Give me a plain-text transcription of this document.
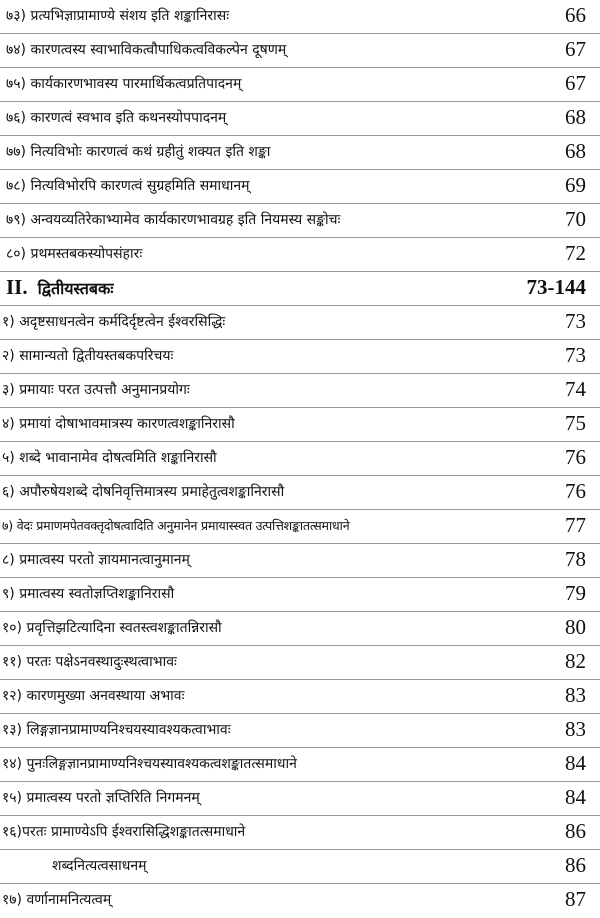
७३) प्रत्यभिज्ञाप्रामाण्ये संशय इति शङ्कानिरासः	66
७४) कारणत्वस्य स्वाभाविकत्वौपाधिकत्वविकल्पेन दूषणम्	67
७५) कार्यकारणभावस्य पारमार्थिकत्वप्रतिपादनम्	67
७६) कारणत्वं स्वभाव इति कथनस्योपपादनम्	68
७७) नित्यविभोः कारणत्वं कथं ग्रहीतुं शक्यत इति शङ्का	68
७८) नित्यविभोरपि कारणत्वं सुग्रहमिति समाधानम्	69
७९) अन्वयव्यतिरेकाभ्यामेव कार्यकारणभावग्रह इति नियमस्य सङ्कोचः	70
८०) प्रथमस्तबकस्योपसंहारः	72
II. द्वितीयस्तबकः	73-144
१) अदृष्टसाधनत्वेन कर्मदिर्दृष्टत्वेन ईश्वरसिद्धिः	73
२) सामान्यतो द्वितीयस्तबकपरिचयः	73
३) प्रमायाः परत उत्पत्तौ अनुमानप्रयोगः	74
४) प्रमायां दोषाभावमात्रस्य कारणत्वशङ्कानिरासौ	75
५) शब्दे भावानामेव दोषत्वमिति शङ्कानिरासौ	76
६) अपौरुषेयशब्दे दोषनिवृत्तिमात्रस्य प्रमाहेतुत्वशङ्कानिरासौ	76
७) वेदः प्रमाणमपेतवक्तृदोषत्वादिति अनुमानेन प्रमायास्स्वत उत्पत्तिशङ्कातत्समाधाने	77
८) प्रमात्वस्य परतो ज्ञायमानत्वानुमानम्	78
९) प्रमात्वस्य स्वतोज्ञप्तिशङ्कानिरासौ	79
१०) प्रवृत्तिझटित्यादिना स्वतस्त्वशङ्कातन्निरासौ	80
११) परतः पक्षेऽनवस्थादुःस्थत्वाभावः	82
१२) कारणमुख्या अनवस्थाया अभावः	83
१३) लिङ्गज्ञानप्रामाण्यनिश्चयस्यावश्यकत्वाभावः	83
१४) पुनःलिङ्गज्ञानप्रामाण्यनिश्चयस्यावश्यकत्वशङ्कातत्समाधाने	84
१५) प्रमात्वस्य परतो ज्ञप्तिरिति निगमनम्	84
१६)परतः प्रामाण्येऽपि ईश्वरासिद्धिशङ्कातत्समाधाने	86
शब्दनित्यत्वसाधनम्	86
१७) वर्णानामनित्यत्वम्	87
